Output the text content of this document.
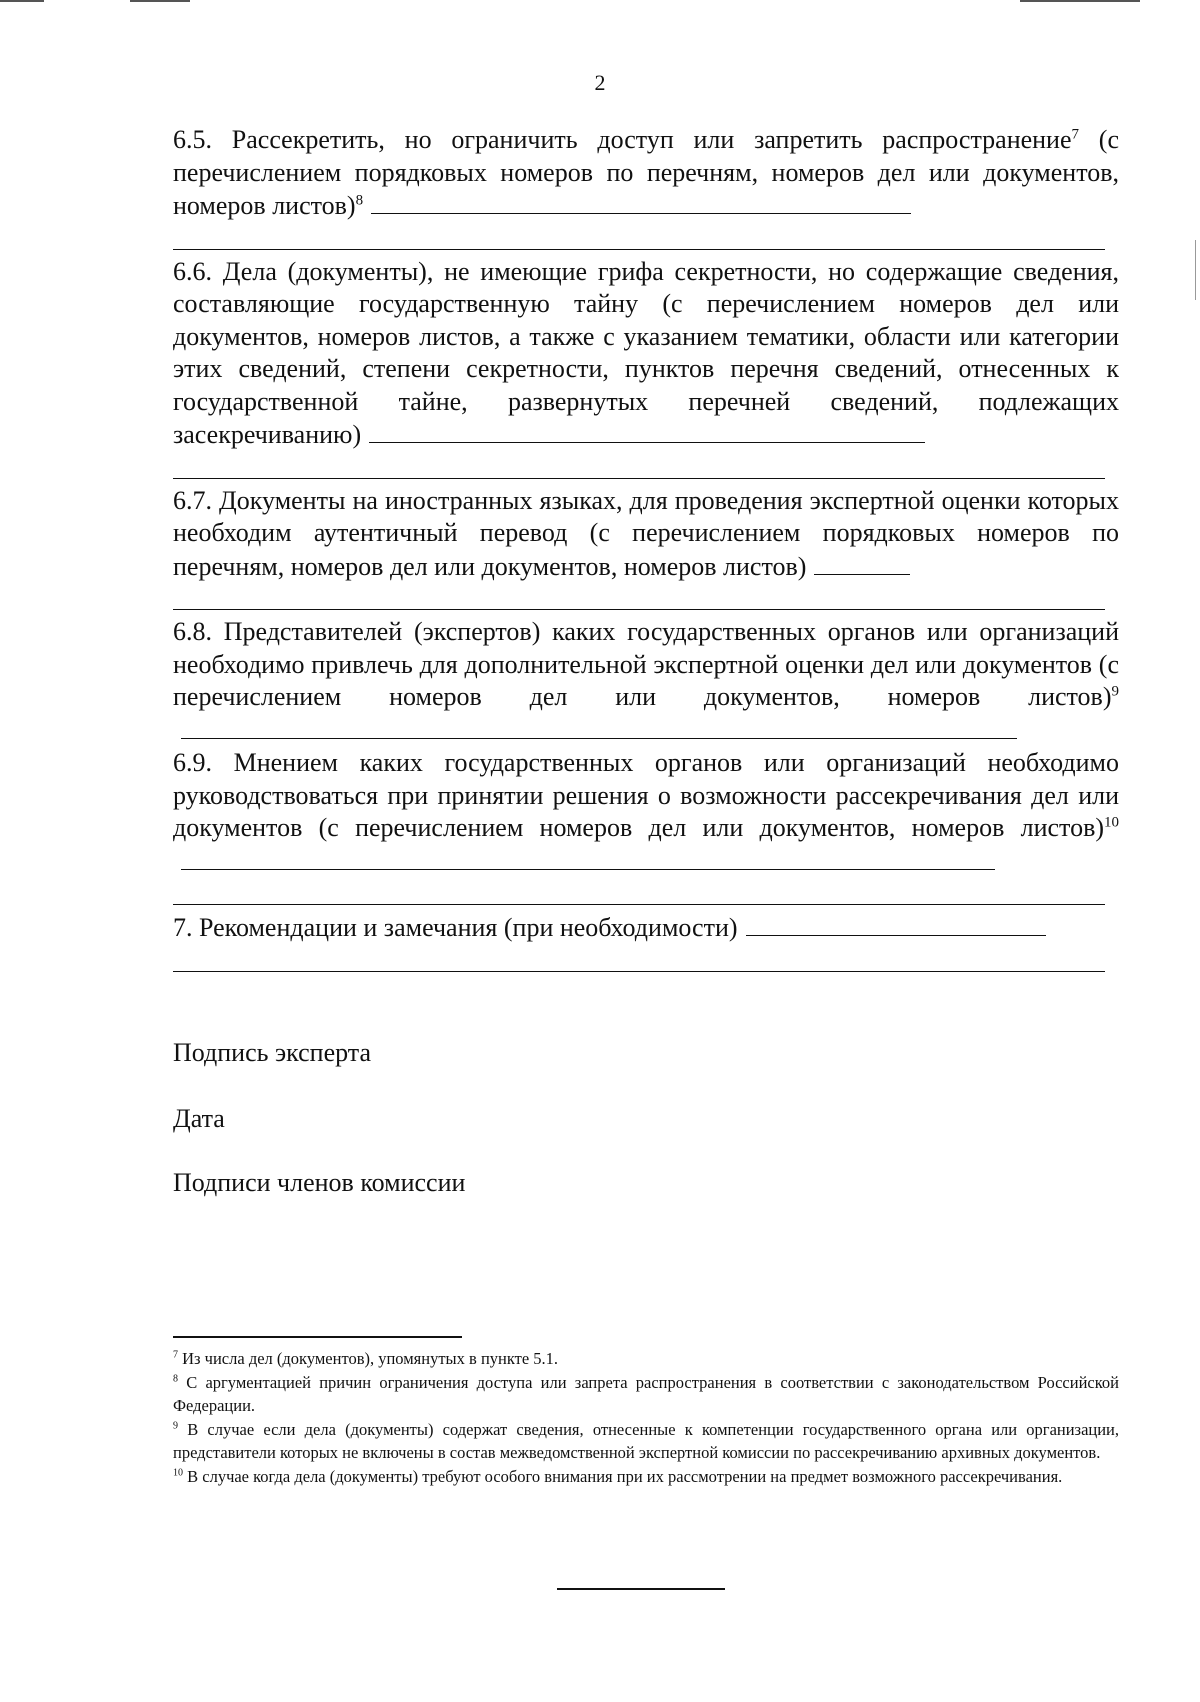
2

6.5. Рассекретить, но ограничить доступ или запретить распространение$^7$ (с перечислением порядковых номеров по перечням, номеров дел или документов, номеров листов)$^8$

6.6. Дела (документы), не имеющие грифа секретности, но содержащие сведения, составляющие государственную тайну (с перечислением номеров дел или документов, номеров листов, а также с указанием тематики, области или категории этих сведений, степени секретности, пунктов перечня сведений, отнесенных к государственной тайне, развернутых перечней сведений, подлежащих засекречиванию)

6.7. Документы на иностранных языках, для проведения экспертной оценки которых необходим аутентичный перевод (с перечислением порядковых номеров по перечням, номеров дел или документов, номеров листов)

6.8. Представителей (экспертов) каких государственных органов или организаций необходимо привлечь для дополнительной экспертной оценки дел или документов (с перечислением номеров дел или документов, номеров листов)$^9$

6.9. Мнением каких государственных органов или организаций необходимо руководствоваться при принятии решения о возможности рассекречивания дел или документов (с перечислением номеров дел или документов, номеров листов)$^{10}$

7. Рекомендации и замечания (при необходимости)

Подпись эксперта
Дата
Подписи членов комиссии

$^7$ Из числа дел (документов), упомянутых в пункте 5.1.

$^8$ С аргументацией причин ограничения доступа или запрета распространения в соответствии с законодательством Российской Федерации.

$^9$ В случае если дела (документы) содержат сведения, отнесенные к компетенции государственного органа или организации, представители которых не включены в состав межведомственной экспертной комиссии по рассекречиванию архивных документов.

$^{10}$ В случае когда дела (документы) требуют особого внимания при их рассмотрении на предмет возможного рассекречивания.
